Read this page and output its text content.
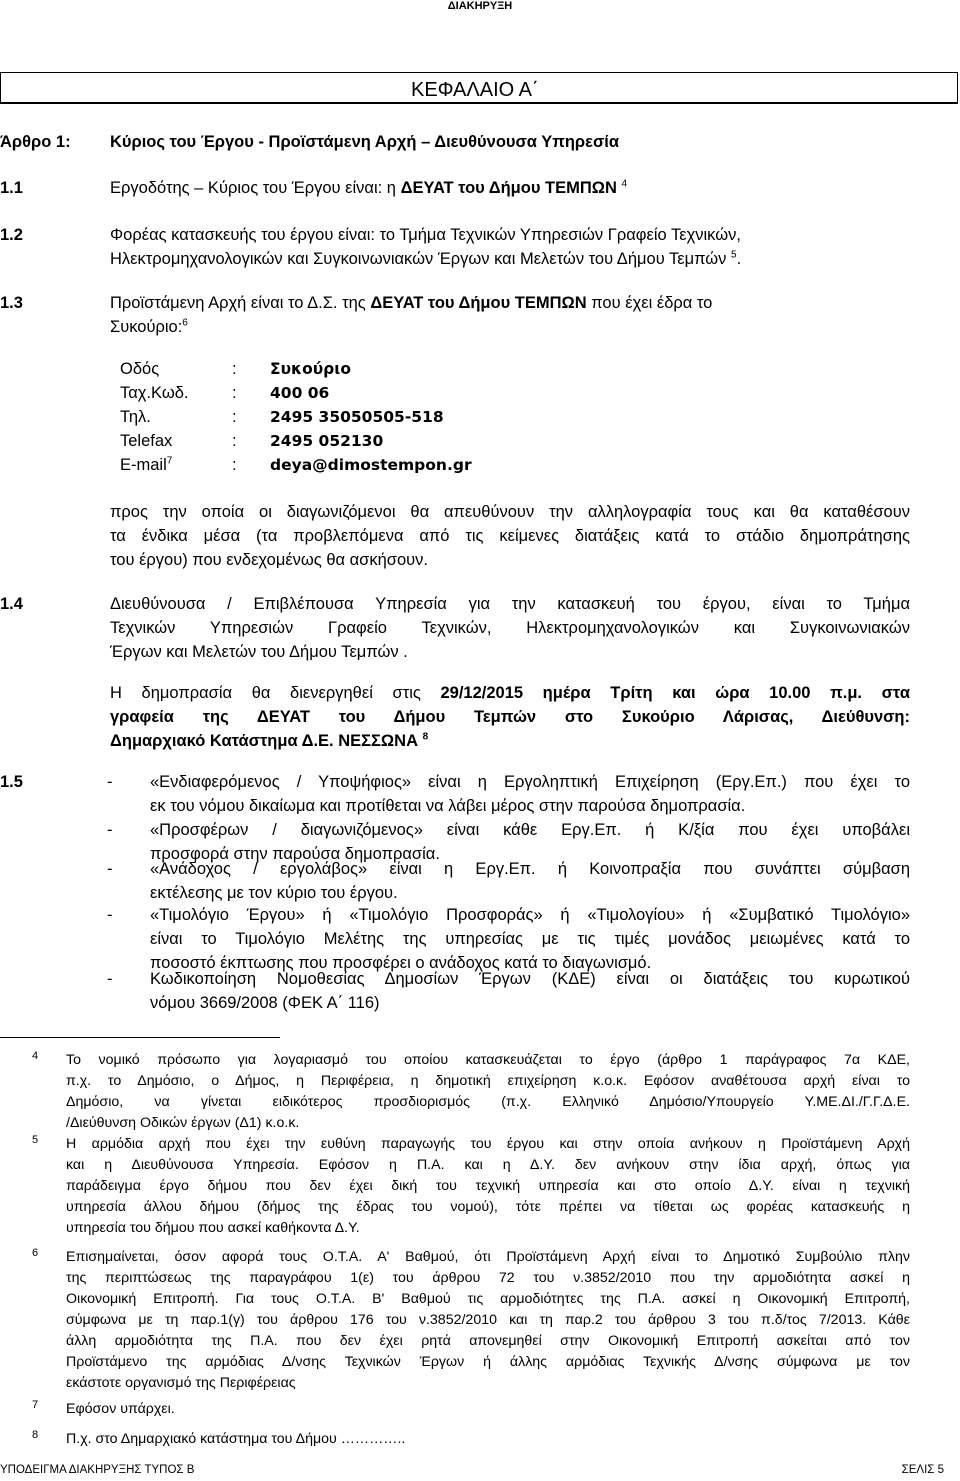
ΔΙΑΚΗΡΥΞΗ
ΚΕΦΑΛΑΙΟ Α΄
Άρθρο 1: Κύριος του Έργου - Προϊστάμενη Αρχή – Διευθύνουσα Υπηρεσία
1.1	Εργοδότης – Κύριος του Έργου είναι: η ΔΕΥΑΤ του Δήμου ΤΕΜΠΩΝ $^4$
1.2	Φορέας κατασκευής του έργου είναι: το Τμήμα Τεχνικών Υπηρεσιών Γραφείο Τεχνικών,
Ηλεκτρομηχανολογικών και Συγκοινωνιακών Έργων και Μελετών του Δήμου Τεμπών $^5$.
1.3	Προϊστάμενη Αρχή είναι το Δ.Σ. της ΔΕΥΑΤ του Δήμου ΤΕΜΠΩΝ που έχει έδρα το
Συκούριο:$^6$
Οδός	: Συκούριο
Ταχ.Κωδ.	: 400 06
Τηλ.	: 2495 35050505-518
Telefax	: 2495 052130
E-mail$^7$	: deya@dimostempon.gr
προς την οποία οι διαγωνιζόμενοι θα απευθύνουν την αλληλογραφία τους και θα καταθέσουν
τα ένδικα μέσα (τα προβλεπόμενα από τις κείμενες διατάξεις κατά το στάδιο δημοπράτησης
του έργου) που ενδεχομένως θα ασκήσουν.
1.4	Διευθύνουσα / Επιβλέπουσα Υπηρεσία για την κατασκευή του έργου, είναι το Τμήμα
Τεχνικών Υπηρεσιών Γραφείο Τεχνικών, Ηλεκτρομηχανολογικών και Συγκοινωνιακών
Έργων και Μελετών του Δήμου Τεμπών .
Η δημοπρασία θα διενεργηθεί στις 29/12/2015 ημέρα Τρίτη και ώρα 10.00 π.μ. στα
γραφεία της ΔΕΥΑΤ του Δήμου Τεμπών στο Συκούριο Λάρισας, Διεύθυνση:
Δημαρχιακό Κατάστημα Δ.Ε. ΝΕΣΣΩΝΑ $^8$
1.5	- «Ενδιαφερόμενος / Υποψήφιος» είναι η Εργοληπτική Επιχείρηση (Εργ.Επ.) που έχει το
εκ του νόμου δικαίωμα και προτίθεται να λάβει μέρος στην παρούσα δημοπρασία.
- «Προσφέρων / διαγωνιζόμενος» είναι κάθε Εργ.Επ. ή Κ/ξία που έχει υποβάλει
προσφορά στην παρούσα δημοπρασία.
- «Ανάδοχος / εργολάβος» είναι η Εργ.Επ. ή Κοινοπραξία που συνάπτει σύμβαση
εκτέλεσης με τον κύριο του έργου.
- «Τιμολόγιο Έργου» ή «Τιμολόγιο Προσφοράς» ή «Τιμολογίου» ή «Συμβατικό Τιμολόγιο»
είναι το Τιμολόγιο Μελέτης της υπηρεσίας με τις τιμές μονάδος μειωμένες κατά το
ποσοστό έκπτωσης που προσφέρει ο ανάδοχος κατά το διαγωνισμό.
- Κωδικοποίηση Νομοθεσίας Δημοσίων Έργων (ΚΔΕ) είναι οι διατάξεις του κυρωτικού
νόμου 3669/2008 (ΦΕΚ Α΄ 116)
4 Το νομικό πρόσωπο για λογαριασμό του οποίου κατασκευάζεται το έργο (άρθρο 1 παράγραφος 7α ΚΔΕ,
π.χ. το Δημόσιο, ο Δήμος, η Περιφέρεια, η δημοτική επιχείρηση κ.ο.κ. Εφόσον αναθέτουσα αρχή είναι το
Δημόσιο, να γίνεται ειδικότερος προσδιορισμός (π.χ. Ελληνικό Δημόσιο/Υπουργείο Υ.ΜΕ.ΔΙ./Γ.Γ.Δ.Ε.
/Διεύθυνση Οδικών έργων (Δ1) κ.ο.κ.
5 Η αρμόδια αρχή που έχει την ευθύνη παραγωγής του έργου και στην οποία ανήκουν η Προϊστάμενη Αρχή
και η Διευθύνουσα Υπηρεσία. Εφόσον η Π.Α. και η Δ.Υ. δεν ανήκουν στην ίδια αρχή, όπως για
παράδειγμα έργο δήμου που δεν έχει δική του τεχνική υπηρεσία και στο οποίο Δ.Υ. είναι η τεχνική
υπηρεσία άλλου δήμου (δήμος της έδρας του νομού), τότε πρέπει να τίθεται ως φορέας κατασκευής η
υπηρεσία του δήμου που ασκεί καθήκοντα Δ.Υ.
6 Επισημαίνεται, όσον αφορά τους Ο.Τ.Α. Α' Βαθμού, ότι Προϊστάμενη Αρχή είναι το Δημοτικό Συμβούλιο πλην
της περιπτώσεως της παραγράφου 1(ε) του άρθρου 72 του ν.3852/2010 που την αρμοδιότητα ασκεί η
Οικονομική Επιτροπή. Για τους Ο.Τ.Α. Β' Βαθμού τις αρμοδιότητες της Π.Α. ασκεί η Οικονομική Επιτροπή,
σύμφωνα με τη παρ.1(γ) του άρθρου 176 του ν.3852/2010 και τη παρ.2 του άρθρου 3 του π.δ/τος 7/2013. Κάθε
άλλη αρμοδιότητα της Π.Α. που δεν έχει ρητά απονεμηθεί στην Οικονομική Επιτροπή ασκείται από τον
Προϊστάμενο της αρμόδιας Δ/νσης Τεχνικών Έργων ή άλλης αρμόδιας Τεχνικής Δ/νσης σύμφωνα με τον
εκάστοτε οργανισμό της Περιφέρειας
7 Εφόσον υπάρχει.
8 Π.χ. στο Δημαρχιακό κατάστημα του Δήμου …………..
ΥΠΟΔΕΙΓΜΑ ΔΙΑΚΗΡΥΞΗΣ ΤΥΠΟΣ Β	ΣΕΛΙΣ 5
